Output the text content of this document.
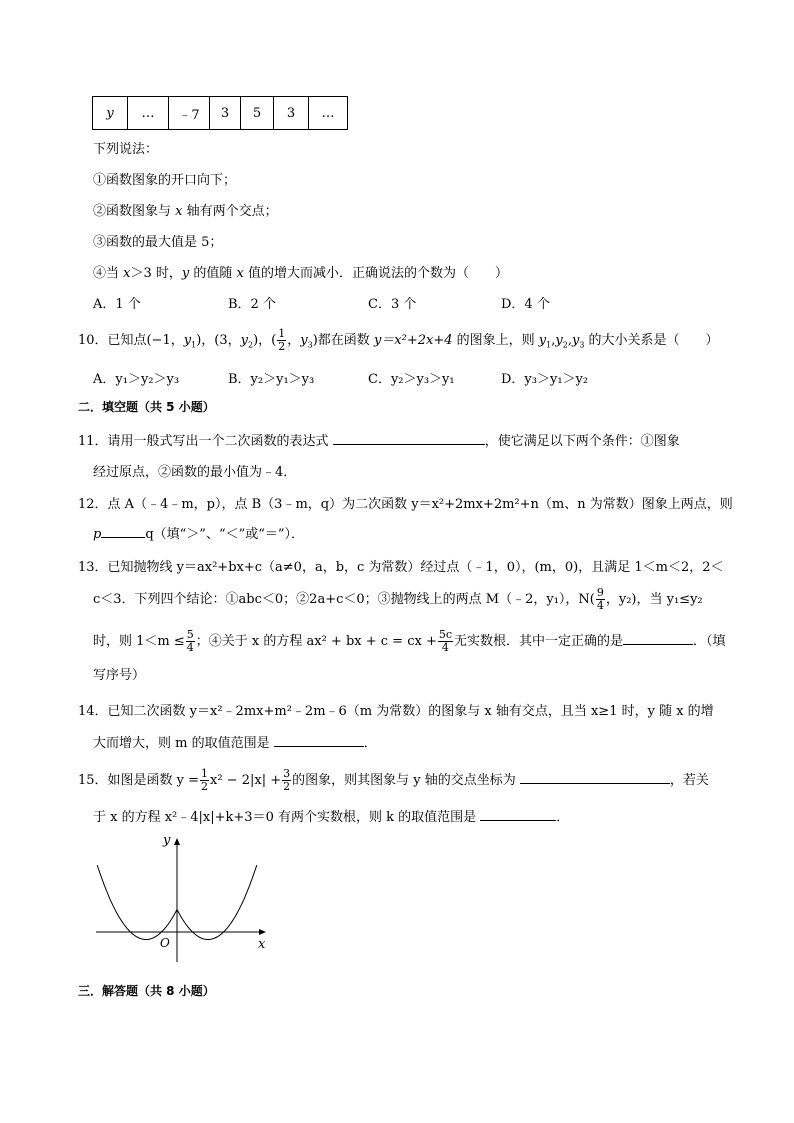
y	…	﹣7	3	5	3	…
下列说法：
①函数图象的开口向下；
②函数图象与 x 轴有两个交点；
③函数的最大值是 5；
④当 x＞3 时，y 的值随 x 值的增大而减小．正确说法的个数为（　　）
A．1 个	B．2 个	C．3 个	D．4 个
10．已知点(−1，$y_1$)，(3，$y_2$)，( $\frac{1}{2}$ ，$y_3$)都在函数 y＝x²+2x+4 的图象上，则 $y_1,y_2,y_3$ 的大小关系是（　　）
A．y₁＞y₂＞y₃	B．y₂＞y₁＞y₃	C．y₂＞y₃＞y₁	D．y₃＞y₁＞y₂
二．填空题（共 5 小题）
11．请用一般式写出一个二次函数的表达式	，使它满足以下两个条件：①图象
经过原点，②函数的最小值为﹣4．
12．点 A（﹣4﹣m，p），点 B（3﹣m，q）为二次函数 y＝x²+2mx+2m²+n（m、n 为常数）图象上两点，则
p	q（填“＞”、“＜”或“＝”）．
13．已知抛物线 y＝ax²+bx+c（a≠0，a，b，c 为常数）经过点（﹣1，0），(m，0)，且满足 1＜m＜2，2＜
c＜3．下列四个结论：①abc＜0；②2a+c＜0；③抛物线上的两点 M（﹣2，y₁），$N( \frac{9}{4}$ ，y₂)，当 y₁≤y₂
时，则 $1<m \le \frac{5}{4}$ ；④关于 x 的方程 ax² + bx + c = cx + $\frac{5c}{4}$ 无实数根．其中一定正确的是	．（填
写序号）
14．已知二次函数 y＝x²﹣2mx+m²﹣2m﹣6（m 为常数）的图象与 x 轴有交点，且当 x≥1 时，y 随 x 的增
大而增大，则 m 的取值范围是	．
15．如图是函数 $y = \frac{1}{2} x^2 - 2|x| + \frac{3}{2}$ 的图象，则其图象与 y 轴的交点坐标为	，若关
于 x 的方程 x²﹣4|x|+k+3＝0 有两个实数根，则 k 的取值范围是	．
y
x
O
三．解答题（共 8 小题）
